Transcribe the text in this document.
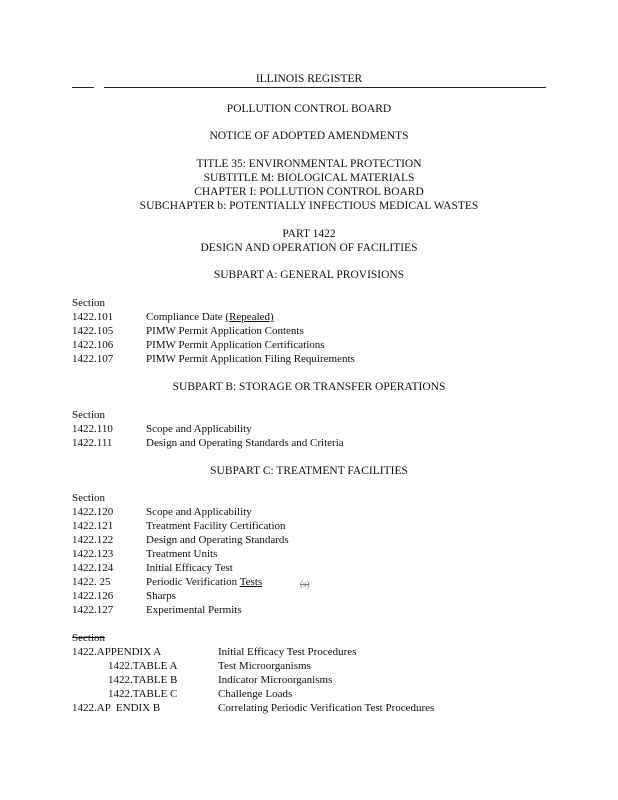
ILLINOIS REGISTER
POLLUTION CONTROL BOARD
NOTICE OF ADOPTED AMENDMENTS
TITLE 35: ENVIRONMENTAL PROTECTION
SUBTITLE M: BIOLOGICAL MATERIALS
CHAPTER I: POLLUTION CONTROL BOARD
SUBCHAPTER b: POTENTIALLY INFECTIOUS MEDICAL WASTES
PART 1422
DESIGN AND OPERATION OF FACILITIES
SUBPART A: GENERAL PROVISIONS
Section
1422.101	Compliance Date (Repealed)
1422.105	PIMW Permit Application Contents
1422.106	PIMW Permit Application Certifications
1422.107	PIMW Permit Application Filing Requirements
SUBPART B: STORAGE OR TRANSFER OPERATIONS
Section
1422.110	Scope and Applicability
1422.111	Design and Operating Standards and Criteria
SUBPART C: TREATMENT FACILITIES
Section
1422.120	Scope and Applicability
1422.121	Treatment Facility Certification
1422.122	Design and Operating Standards
1422.123	Treatment Units
1422.124	Initial Efficacy Test
1422. 25	Periodic Verification Tests	(s)
1422.126	Sharps
1422.127	Experimental Permits
Section
1422.APPENDIX A	Initial Efficacy Test Procedures
1422.TABLE A	Test Microorganisms
1422.TABLE B	Indicator Microorganisms
1422.TABLE C	Challenge Loads
1422.AP  ENDIX B	Correlating Periodic Verification Test Procedures
